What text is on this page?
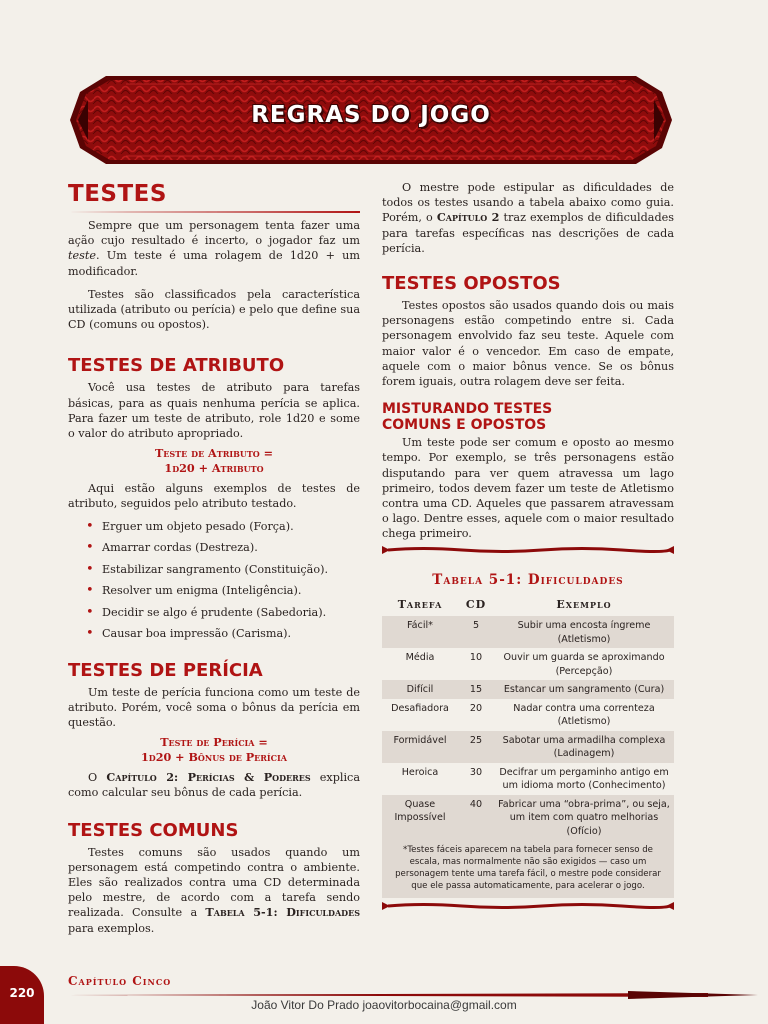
REGRAS DO JOGO
TESTES

Sempre que um personagem tenta fazer uma ação cujo resultado é incerto, o jogador faz um teste. Um teste é uma rolagem de 1d20 + um modificador.

Testes são classificados pela característica utilizada (atributo ou perícia) e pelo que define sua CD (comuns ou opostos).

TESTES DE ATRIBUTO

Você usa testes de atributo para tarefas básicas, para as quais nenhuma perícia se aplica. Para fazer um teste de atributo, role 1d20 e some o valor do atributo apropriado.

Teste de Atributo =
1d20 + Atributo

Aqui estão alguns exemplos de testes de atributo, seguidos pelo atributo testado.

• Erguer um objeto pesado (Força).
• Amarrar cordas (Destreza).
• Estabilizar sangramento (Constituição).
• Resolver um enigma (Inteligência).
• Decidir se algo é prudente (Sabedoria).
• Causar boa impressão (Carisma).
TESTES DE PERÍCIA

Um teste de perícia funciona como um teste de atributo. Porém, você soma o bônus da perícia em questão.

Teste de Perícia =
1d20 + Bônus de Perícia

O Capítulo 2: Perícias & Poderes explica como calcular seu bônus de cada perícia.

TESTES COMUNS

Testes comuns são usados quando um personagem está competindo contra o ambiente. Eles são realizados contra uma CD determinada pelo mestre, de acordo com a tarefa sendo realizada. Consulte a Tabela 5-1: Dificuldades para exemplos.

O mestre pode estipular as dificuldades de todos os testes usando a tabela abaixo como guia. Porém, o Capítulo 2 traz exemplos de dificuldades para tarefas específicas nas descrições de cada perícia.

TESTES OPOSTOS

Testes opostos são usados quando dois ou mais personagens estão competindo entre si. Cada personagem envolvido faz seu teste. Aquele com maior valor é o vencedor. Em caso de empate, aquele com o maior bônus vence. Se os bônus forem iguais, outra rolagem deve ser feita.

MISTURANDO TESTES
COMUNS E OPOSTOS

Um teste pode ser comum e oposto ao mesmo tempo. Por exemplo, se três personagens estão disputando para ver quem atravessa um lago primeiro, todos devem fazer um teste de Atletismo contra uma CD. Aqueles que passarem atravessam o lago. Dentre esses, aquele com o maior resultado chega primeiro.

Tabela 5-1: Dificuldades
Tarefa	CD	Exemplo
Fácil*	5	Subir uma encosta íngreme (Atletismo)
Média	10	Ouvir um guarda se aproximando (Percepção)
Difícil	15	Estancar um sangramento (Cura)
Desafiadora	20	Nadar contra uma correnteza (Atletismo)
Formidável	25	Sabotar uma armadilha complexa (Ladinagem)
Heroica	30	Decifrar um pergaminho antigo em um idioma morto (Conhecimento)
Quase Impossível	40	Fabricar uma “obra-prima”, ou seja, um item com quatro melhorias (Ofício)
*Testes fáceis aparecem na tabela para fornecer senso de escala, mas normalmente não são exigidos — caso um personagem tente uma tarefa fácil, o mestre pode considerar que ele passa automaticamente, para acelerar o jogo.
220
Capítulo Cinco
João Vitor Do Prado joaovitorbocaina@gmail.com
